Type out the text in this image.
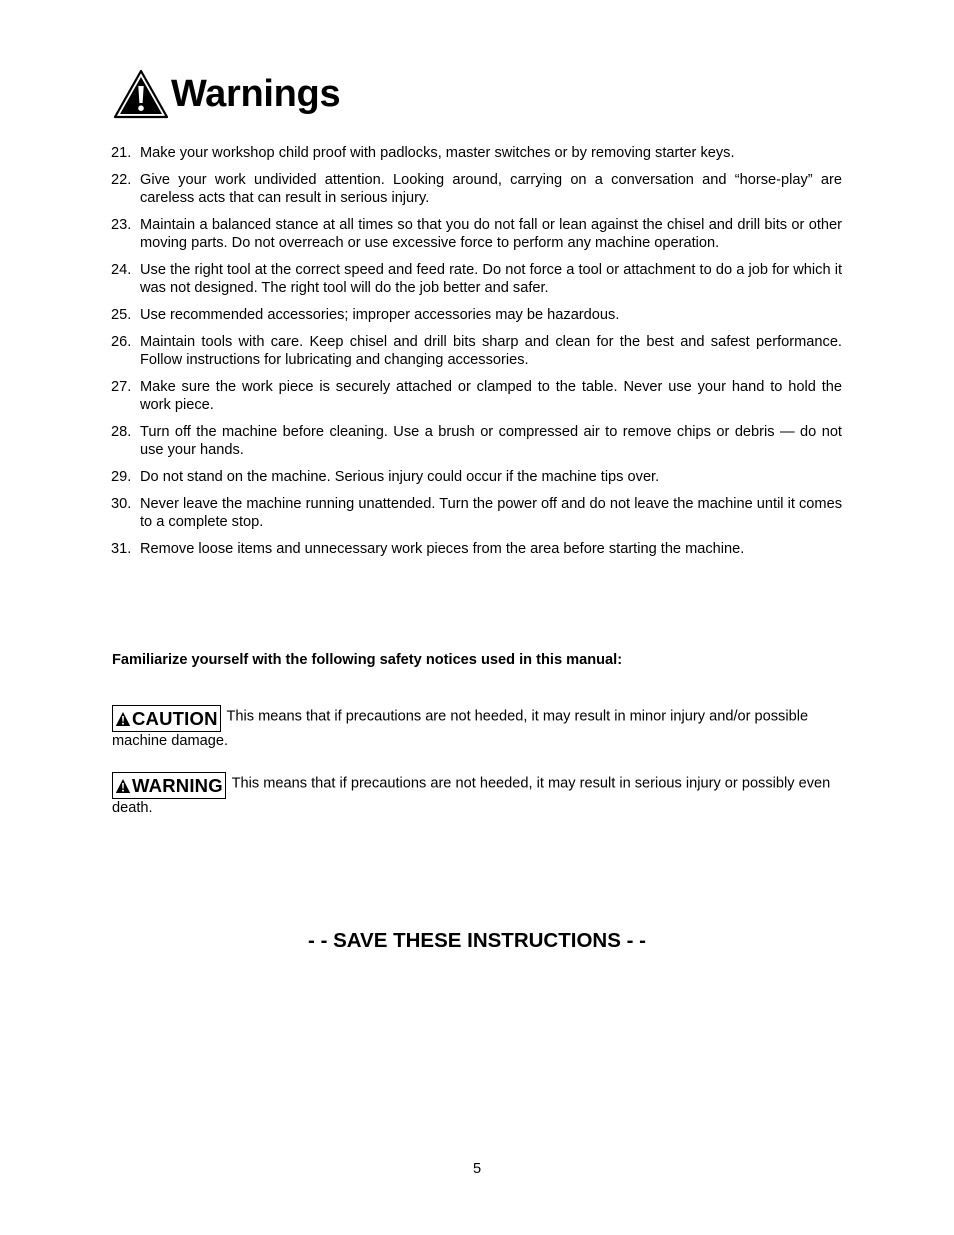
Warnings
21. Make your workshop child proof with padlocks, master switches or by removing starter keys.
22. Give your work undivided attention. Looking around, carrying on a conversation and “horse-play” are careless acts that can result in serious injury.
23. Maintain a balanced stance at all times so that you do not fall or lean against the chisel and drill bits or other moving parts. Do not overreach or use excessive force to perform any machine operation.
24. Use the right tool at the correct speed and feed rate. Do not force a tool or attachment to do a job for which it was not designed. The right tool will do the job better and safer.
25. Use recommended accessories; improper accessories may be hazardous.
26. Maintain tools with care. Keep chisel and drill bits sharp and clean for the best and safest performance. Follow instructions for lubricating and changing accessories.
27. Make sure the work piece is securely attached or clamped to the table. Never use your hand to hold the work piece.
28. Turn off the machine before cleaning. Use a brush or compressed air to remove chips or debris — do not use your hands.
29. Do not stand on the machine. Serious injury could occur if the machine tips over.
30. Never leave the machine running unattended. Turn the power off and do not leave the machine until it comes to a complete stop.
31. Remove loose items and unnecessary work pieces from the area before starting the machine.
Familiarize yourself with the following safety notices used in this manual:
CAUTION This means that if precautions are not heeded, it may result in minor injury and/or possible machine damage.
WARNING This means that if precautions are not heeded, it may result in serious injury or possibly even death.
- - SAVE THESE INSTRUCTIONS - -
5
